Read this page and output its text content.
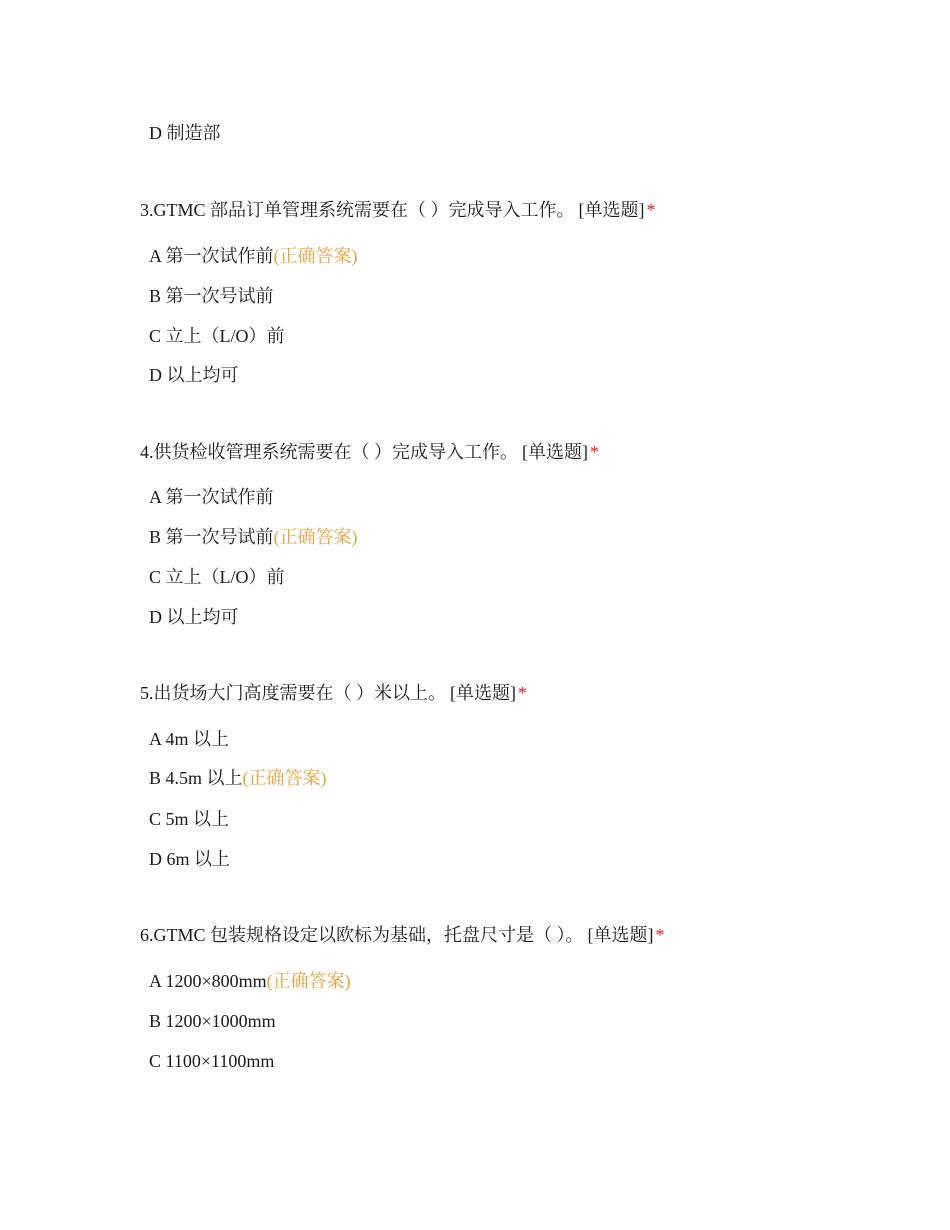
D 制造部
3.GTMC 部品订单管理系统需要在（ ）完成导入工作。 [单选题] *
A 第一次试作前(正确答案)
B 第一次号试前
C 立上（L/O）前
D 以上均可
4.供货检收管理系统需要在（ ）完成导入工作。 [单选题] *
A 第一次试作前
B 第一次号试前(正确答案)
C 立上（L/O）前
D 以上均可
5.出货场大门高度需要在（ ）米以上。 [单选题] *
A 4m 以上
B 4.5m 以上(正确答案)
C 5m 以上
D 6m 以上
6.GTMC 包装规格设定以欧标为基础，托盘尺寸是（ ）。 [单选题] *
A 1200×800mm(正确答案)
B 1200×1000mm
C 1100×1100mm
